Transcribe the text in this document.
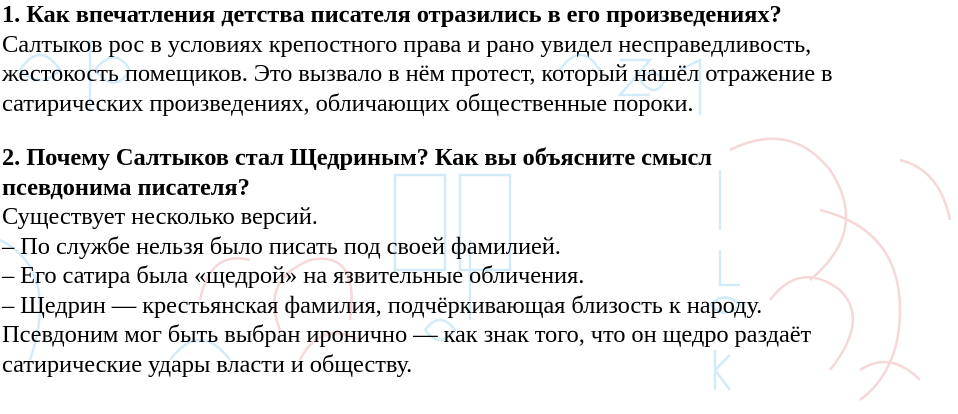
1. Как впечатления детства писателя отразились в его произведениях?
Салтыков рос в условиях крепостного права и рано увидел несправедливость,
жестокость помещиков. Это вызвало в нём протест, который нашёл отражение в
сатирических произведениях, обличающих общественные пороки.
2. Почему Салтыков стал Щедриным? Как вы объясните смысл
псевдонима писателя?
Существует несколько версий.
– По службе нельзя было писать под своей фамилией.
– Его сатира была «щедрой» на язвительные обличения.
– Щедрин — крестьянская фамилия, подчёркивающая близость к народу.
Псевдоним мог быть выбран иронично — как знак того, что он щедро раздаёт
сатирические удары власти и обществу.
